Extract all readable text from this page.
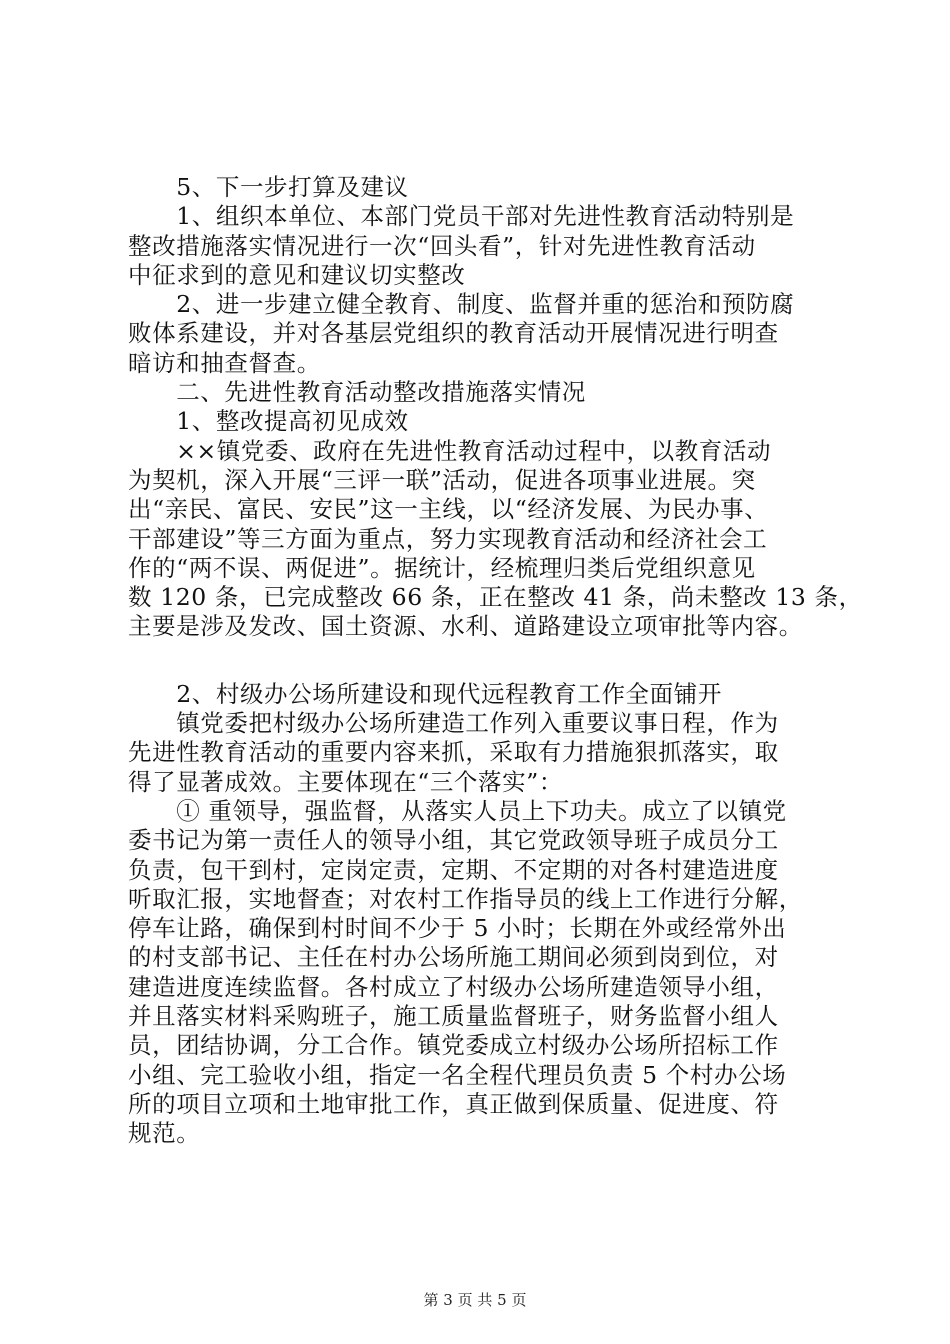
　　5、下一步打算及建议
　　1、组织本单位、本部门党员干部对先进性教育活动特别是
整改措施落实情况进行一次“回头看”，针对先进性教育活动
中征求到的意见和建议切实整改
　　2、进一步建立健全教育、制度、监督并重的惩治和预防腐
败体系建设，并对各基层党组织的教育活动开展情况进行明查
暗访和抽查督查。
　　二、先进性教育活动整改措施落实情况
　　1、整改提高初见成效
　　××镇党委、政府在先进性教育活动过程中，以教育活动
为契机，深入开展“三评一联”活动，促进各项事业进展。突
出“亲民、富民、安民”这一主线，以“经济发展、为民办事、
干部建设”等三方面为重点，努力实现教育活动和经济社会工
作的“两不误、两促进”。据统计，经梳理归类后党组织意见
数 120 条，已完成整改 66 条，正在整改 41 条，尚未整改 13 条，
主要是涉及发改、国土资源、水利、道路建设立项审批等内容。
　　2、村级办公场所建设和现代远程教育工作全面铺开
　　镇党委把村级办公场所建造工作列入重要议事日程，作为
先进性教育活动的重要内容来抓，采取有力措施狠抓落实，取
得了显著成效。主要体现在“三个落实”：
　　① 重领导，强监督，从落实人员上下功夫。成立了以镇党
委书记为第一责任人的领导小组，其它党政领导班子成员分工
负责，包干到村，定岗定责，定期、不定期的对各村建造进度
听取汇报，实地督查；对农村工作指导员的线上工作进行分解，
停车让路，确保到村时间不少于 5 小时；长期在外或经常外出
的村支部书记、主任在村办公场所施工期间必须到岗到位，对
建造进度连续监督。各村成立了村级办公场所建造领导小组，
并且落实材料采购班子，施工质量监督班子，财务监督小组人
员，团结协调，分工合作。镇党委成立村级办公场所招标工作
小组、完工验收小组，指定一名全程代理员负责 5 个村办公场
所的项目立项和土地审批工作，真正做到保质量、促进度、符
规范。
第 3 页 共 5 页
